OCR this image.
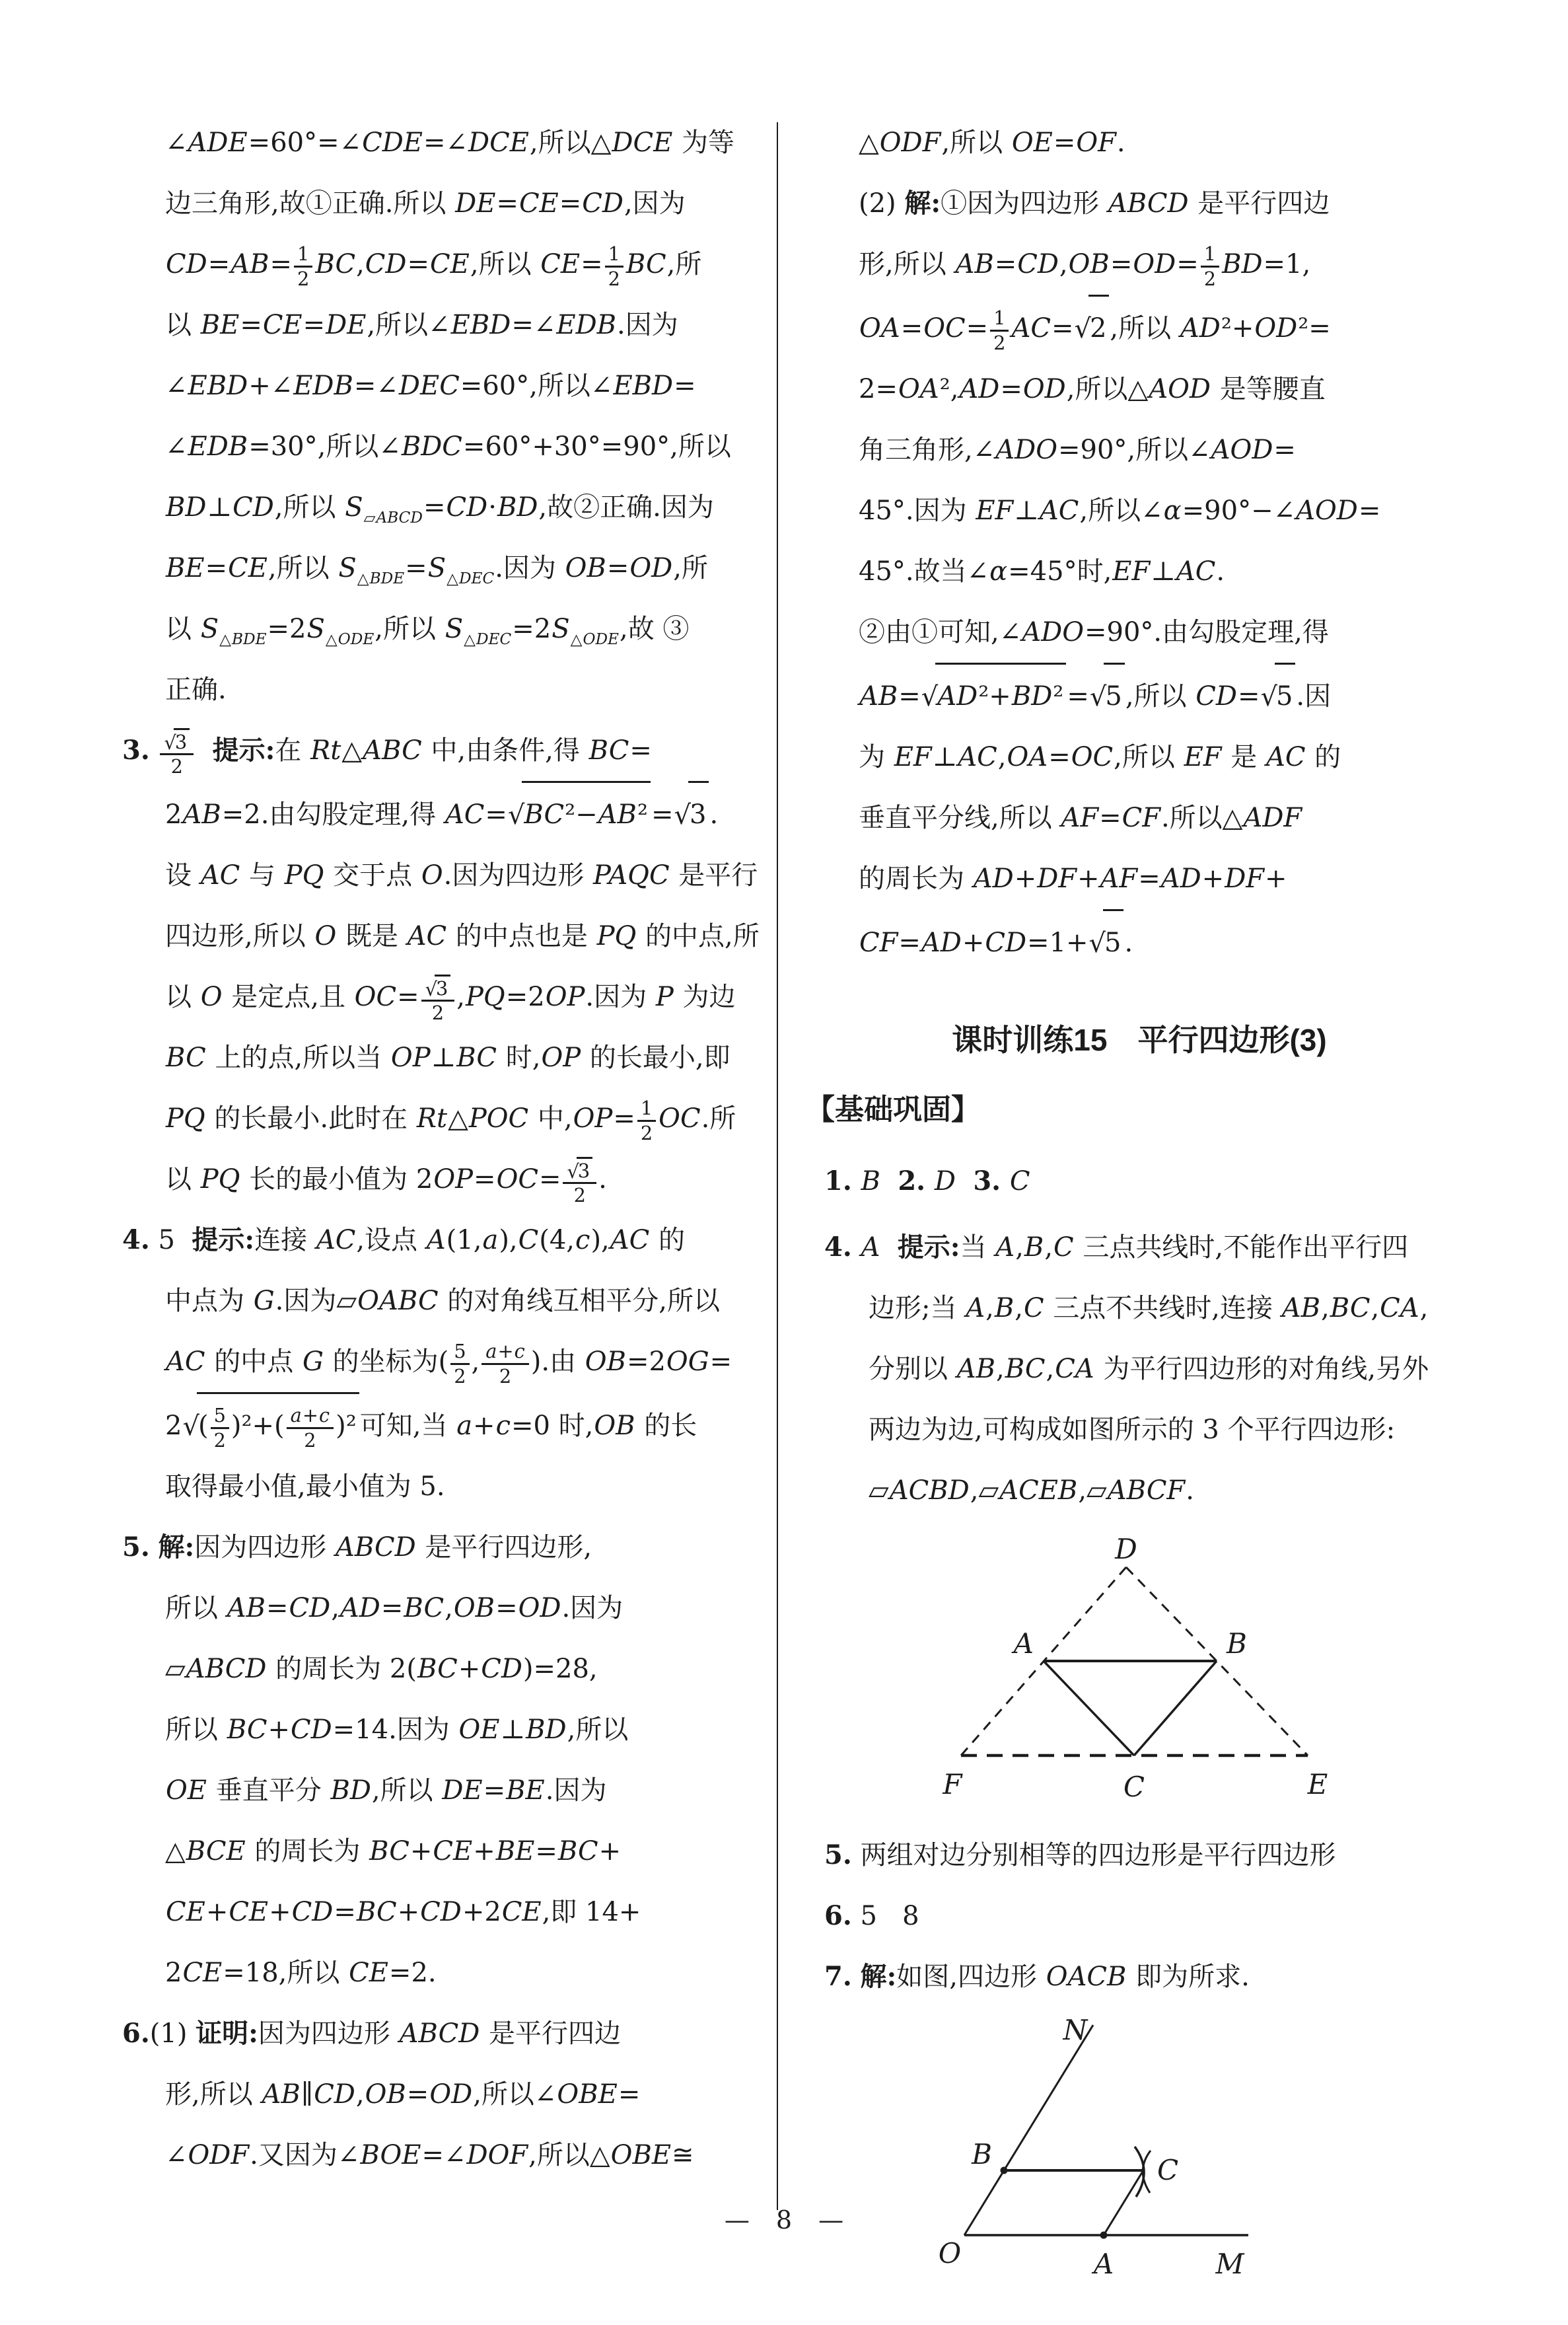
∠ADE=60°=∠CDE=∠DCE,所以△DCE 为等
边三角形,故①正确.所以 DE=CE=CD,因为
$CD=AB= \frac{1}{2} BC,CD=CE$,所以 $CE= \frac{1}{2}$ BC,所
以 BE=CE=DE,所以∠EBD=∠EDB.因为
∠EBD+∠EDB=∠DEC=60°,所以∠EBD=
∠EDB=30°,所以∠BDC=60°+30°=90°,所以
BD⊥CD,所以 $S_{▱ABCD}=CD\cdot BD$,故②正确.因为
BE=CE,所以 $S_{\triangle BDE}=S_{\triangle DEC}$.因为 OB=OD,所
以 $S_{\triangle BDE}=2S_{\triangle ODE}$,所以 $S_{\triangle DEC}=2S_{\triangle ODE}$,故 ③
正确.
3. $\frac{√3}{2}$ 提示:在 Rt△ABC 中,由条件,得 BC=
2AB=2.由勾股定理,得 AC=√BC²−AB² =√3 .
设 AC 与 PQ 交于点 O.因为四边形 PAQC 是平行
四边形,所以 O 既是 AC 的中点也是 PQ 的中点,所
以 O 是定点,且 $OC= \frac{√3}{2} ,PQ=2OP$.因为 P 为边
BC 上的点,所以当 OP⊥BC 时,OP 的长最小,即
PQ 的长最小.此时在 Rt△POC 中$,OP= \frac{1}{2}$ OC.所
以 PQ 长的最小值为 $2OP=OC= \frac{√3}{2}$ .
4. 5  提示:连接 AC,设点 A(1,a),C(4,c),AC 的
中点为 G.因为▱OABC 的对角线互相平分,所以
AC 的中点 G 的坐标为( $\frac{5}{2}$ , $\frac{a+c}{2}$ ).由 OB=2OG=
$2√( \frac{5}{2} )^2+( \frac{a+c}{2} )^2$ 可知,当 a+c=0 时,OB 的长
取得最小值,最小值为 5.
5. 解:因为四边形 ABCD 是平行四边形,
所以 AB=CD,AD=BC,OB=OD.因为
▱ABCD 的周长为 2(BC+CD)=28,
所以 BC+CD=14.因为 OE⊥BD,所以
OE 垂直平分 BD,所以 DE=BE.因为
△BCE 的周长为 BC+CE+BE=BC+
CE+CE+CD=BC+CD+2CE,即 14+
2CE=18,所以 CE=2.
6.(1) 证明:因为四边形 ABCD 是平行四边
形,所以 AB∥CD,OB=OD,所以∠OBE=
∠ODF.又因为∠BOE=∠DOF,所以△OBE≅
△ODF,所以 OE=OF.
(2) 解:①因为四边形 ABCD 是平行四边
形,所以 $AB=CD,OB=OD= \frac{1}{2} BD=1$,
$OA=OC= \frac{1}{2} AC=√2$ ,所以 AD²+OD²=
2=OA²,AD=OD,所以△AOD 是等腰直
角三角形,∠ADO=90°,所以∠AOD=
45°.因为 EF⊥AC,所以∠α=90°−∠AOD=
45°.故当∠α=45°时,EF⊥AC.
②由①可知,∠ADO=90°.由勾股定理,得
AB=√AD²+BD² =√5 ,所以 CD=√5 .因
为 EF⊥AC,OA=OC,所以 EF 是 AC 的
垂直平分线,所以 AF=CF.所以△ADF
的周长为 AD+DF+AF=AD+DF+
CF=AD+CD=1+√5 .
课时训练15　平行四边形(3)
【基础巩固】
1. B 2. D 3. C
4. A 提示:当 A,B,C 三点共线时,不能作出平行四
边形;当 A,B,C 三点不共线时,连接 AB,BC,CA,
分别以 AB,BC,CA 为平行四边形的对角线,另外
两边为边,可构成如图所示的 3 个平行四边形:
▱ACBD,▱ACEB,▱ABCF.
D
A	B
F	C	E
5. 两组对边分别相等的四边形是平行四边形
6. 5   8
7. 解:如图,四边形 OACB 即为所求.
N
B	C
O	A	M
— 8 —
